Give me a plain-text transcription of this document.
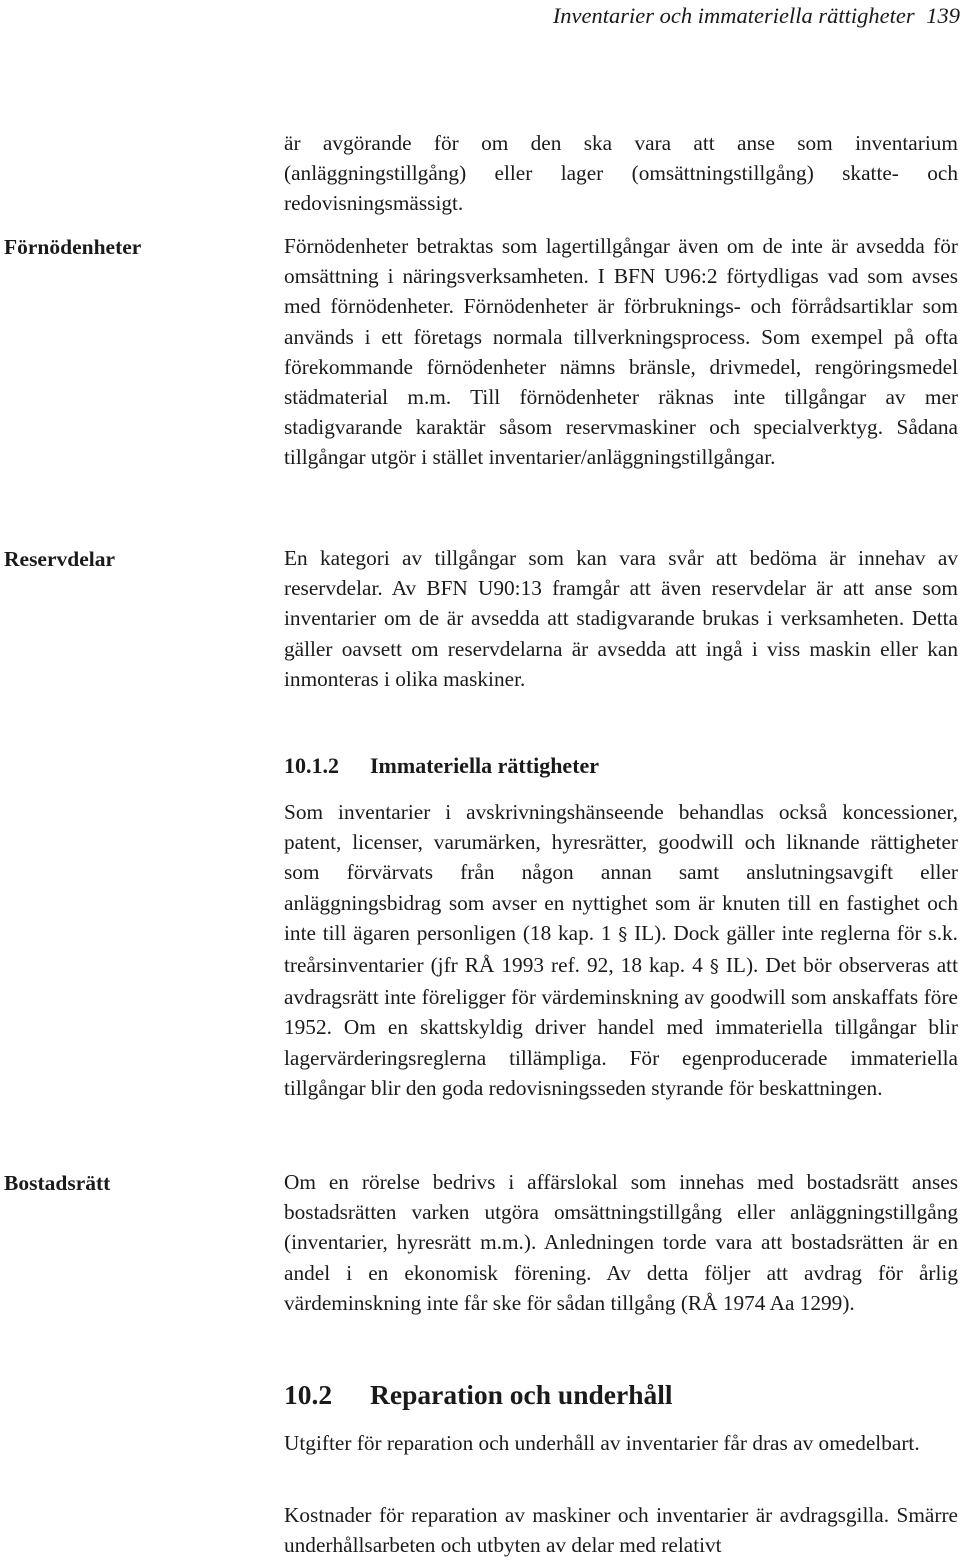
Inventarier och immateriella rättigheter 139

är avgörande för om den ska vara att anse som inventarium (anläggningstillgång) eller lager (omsättningstillgång) skatte- och redovisningsmässigt.

Förnödenheter	Förnödenheter betraktas som lagertillgångar även om de inte är avsedda för omsättning i näringsverksamheten. I BFN U96:2 förtydligas vad som avses med förnödenheter. Förnödenheter är förbruknings- och förrådsartiklar som används i ett företags normala tillverkningsprocess. Som exempel på ofta förekommande förnödenheter nämns bränsle, drivmedel, rengöringsmedel städmaterial m.m. Till förnödenheter räknas inte tillgångar av mer stadigvarande karaktär såsom reservmaskiner och specialverktyg. Sådana tillgångar utgör i stället inventarier/anläggningstillgångar.

Reservdelar	En kategori av tillgångar som kan vara svår att bedöma är innehav av reservdelar. Av BFN U90:13 framgår att även reservdelar är att anse som inventarier om de är avsedda att stadigvarande brukas i verksamheten. Detta gäller oavsett om reservdelarna är avsedda att ingå i viss maskin eller kan inmonteras i olika maskiner.

10.1.2 Immateriella rättigheter

Som inventarier i avskrivningshänseende behandlas också koncessioner, patent, licenser, varumärken, hyresrätter, goodwill och liknande rättigheter som förvärvats från någon annan samt anslutningsavgift eller anläggningsbidrag som avser en nyttighet som är knuten till en fastighet och inte till ägaren personligen (18 kap. 1 § IL). Dock gäller inte reglerna för s.k. treårsinventarier (jfr RÅ 1993 ref. 92, 18 kap. 4 § IL). Det bör observeras att avdragsrätt inte föreligger för värdeminskning av goodwill som anskaffats före 1952. Om en skattskyldig driver handel med immateriella tillgångar blir lagervärderingsreglerna tillämpliga. För egenproducerade immateriella tillgångar blir den goda redovisningsseden styrande för beskattningen.

Bostadsrätt	Om en rörelse bedrivs i affärslokal som innehas med bostadsrätt anses bostadsrätten varken utgöra omsättningstillgång eller anläggningstillgång (inventarier, hyresrätt m.m.). Anledningen torde vara att bostadsrätten är en andel i en ekonomisk förening. Av detta följer att avdrag för årlig värdeminskning inte får ske för sådan tillgång (RÅ 1974 Aa 1299).

10.2 Reparation och underhåll

Utgifter för reparation och underhåll av inventarier får dras av omedelbart.

Kostnader för reparation av maskiner och inventarier är avdragsgilla. Smärre underhållsarbeten och utbyten av delar med relativt
